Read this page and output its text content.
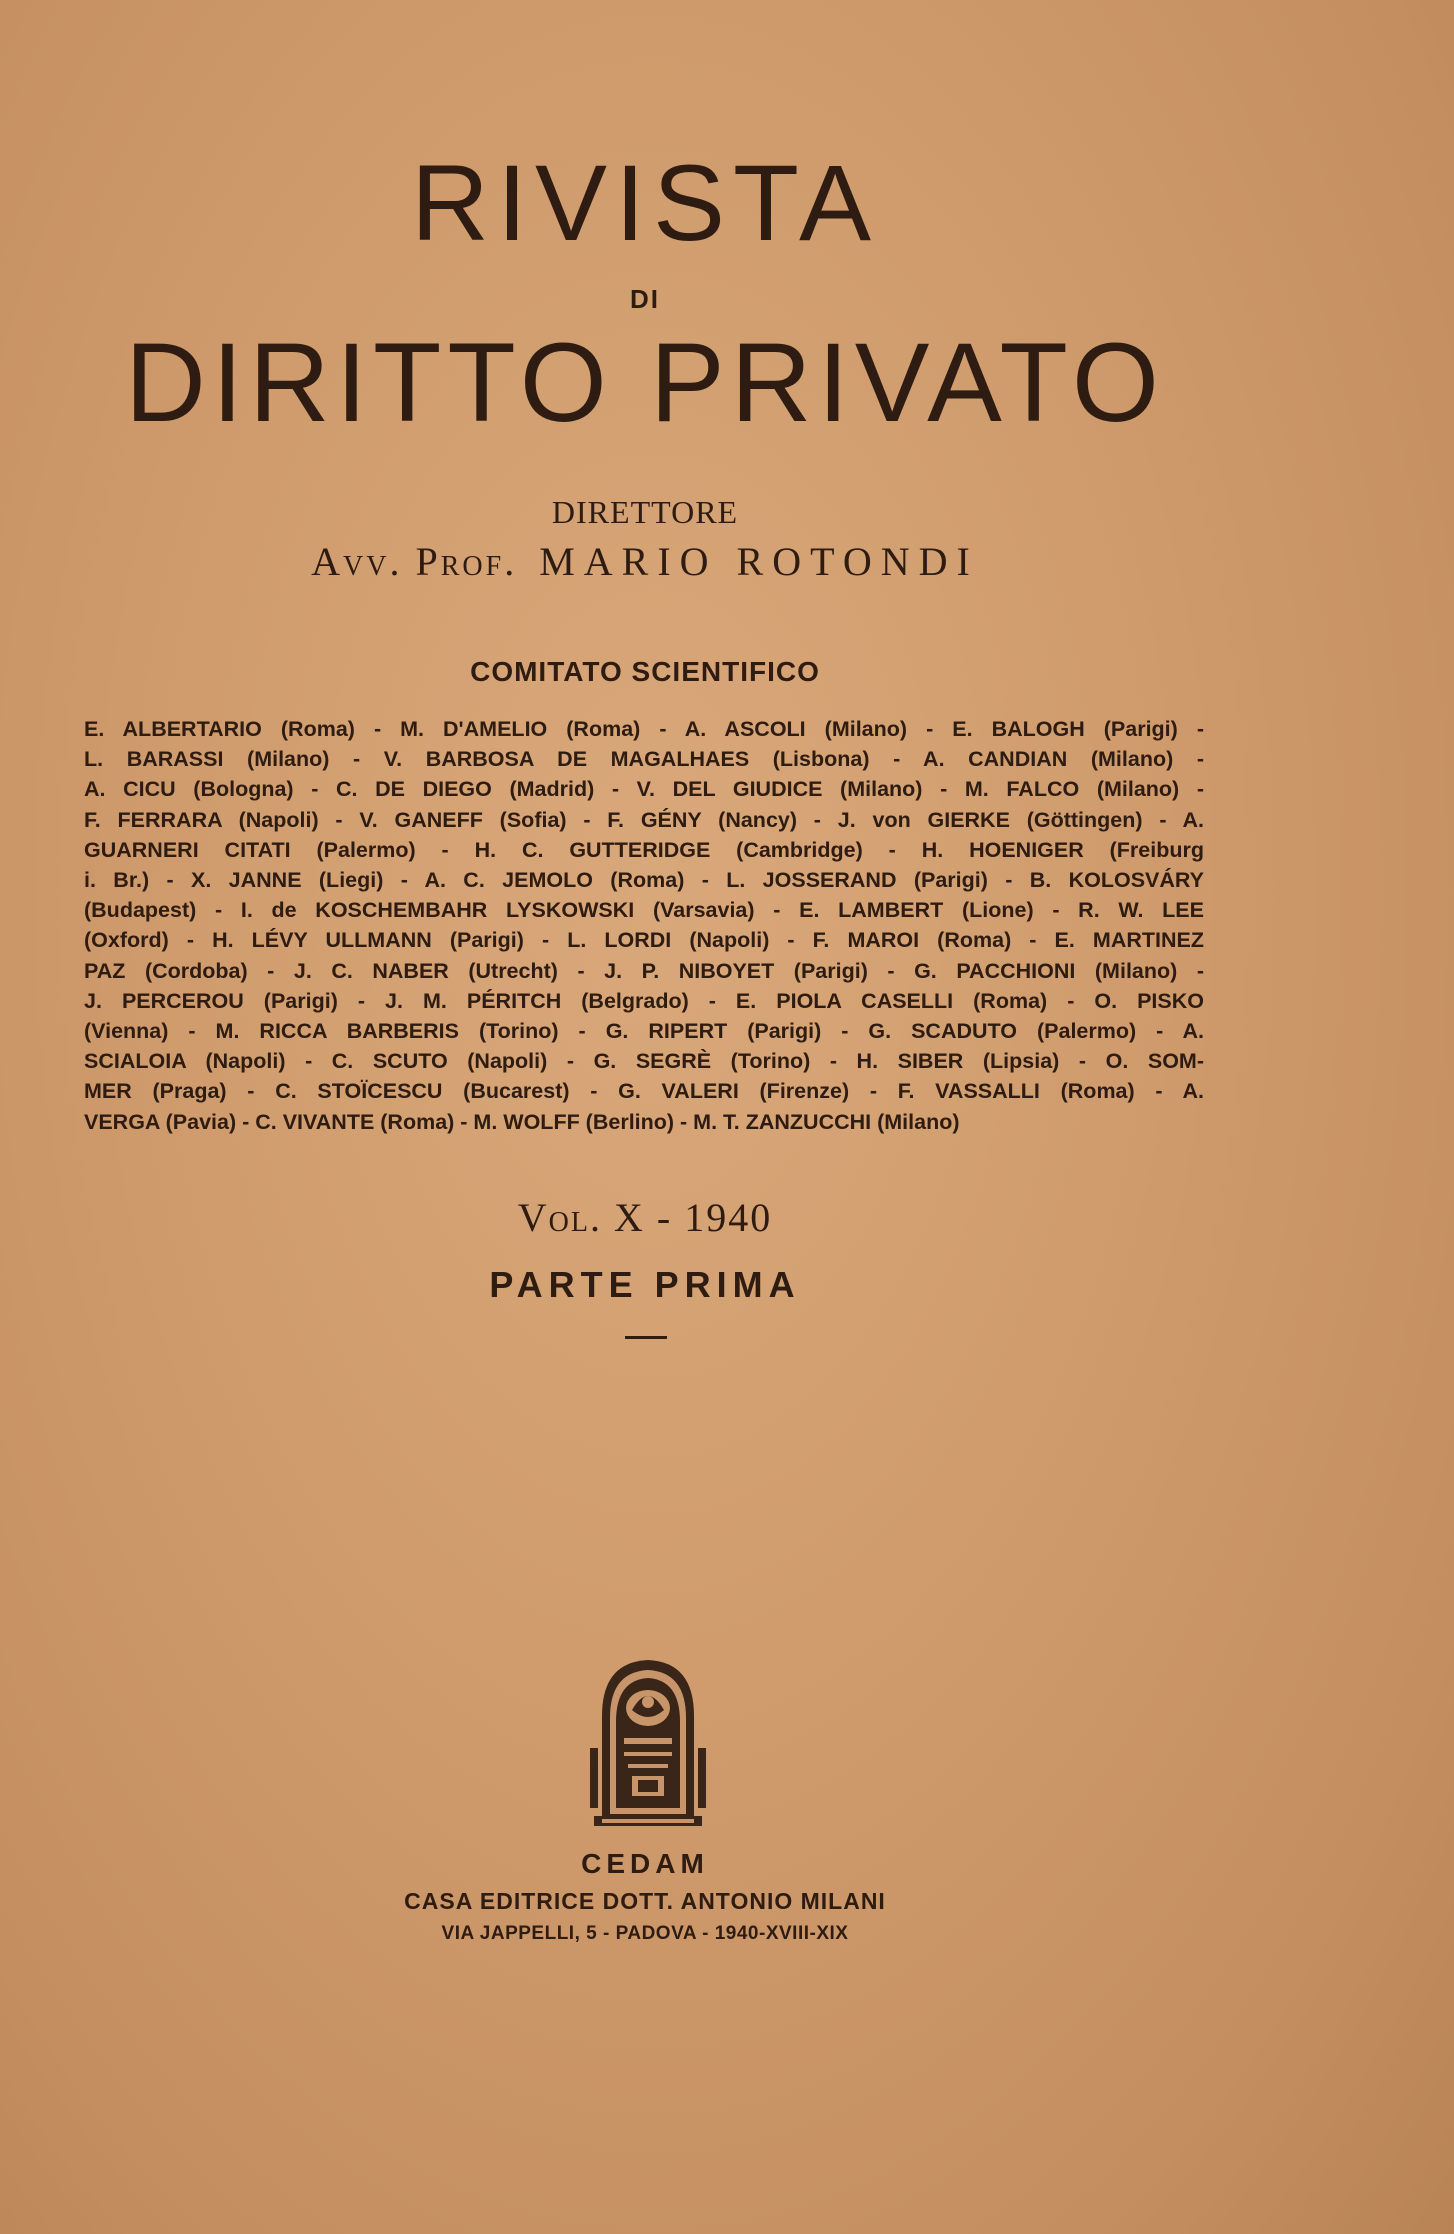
RIVISTA
DI
DIRITTO PRIVATO
DIRETTORE
Avv. Prof. MARIO ROTONDI
COMITATO SCIENTIFICO
E. ALBERTARIO (Roma) - M. D'AMELIO (Roma) - A. ASCOLI (Milano) - E. BALOGH (Parigi) -
L. BARASSI (Milano) - V. BARBOSA DE MAGALHAES (Lisbona) - A. CANDIAN (Milano) -
A. CICU (Bologna) - C. DE DIEGO (Madrid) - V. DEL GIUDICE (Milano) - M. FALCO (Milano) -
F. FERRARA (Napoli) - V. GANEFF (Sofia) - F. GÉNY (Nancy) - J. von GIERKE (Göttingen) - A.
GUARNERI CITATI (Palermo) - H. C. GUTTERIDGE (Cambridge) - H. HOENIGER (Freiburg
i. Br.) - X. JANNE (Liegi) - A. C. JEMOLO (Roma) - L. JOSSERAND (Parigi) - B. KOLOSVÁRY
(Budapest) - I. de KOSCHEMBAHR LYSKOWSKI (Varsavia) - E. LAMBERT (Lione) - R. W. LEE
(Oxford) - H. LÉVY ULLMANN (Parigi) - L. LORDI (Napoli) - F. MAROI (Roma) - E. MARTINEZ
PAZ (Cordoba) - J. C. NABER (Utrecht) - J. P. NIBOYET (Parigi) - G. PACCHIONI (Milano) -
J. PERCEROU (Parigi) - J. M. PÉRITCH (Belgrado) - E. PIOLA CASELLI (Roma) - O. PISKO
(Vienna) - M. RICCA BARBERIS (Torino) - G. RIPERT (Parigi) - G. SCADUTO (Palermo) - A.
SCIALOIA (Napoli) - C. SCUTO (Napoli) - G. SEGRÈ (Torino) - H. SIBER (Lipsia) - O. SOM-
MER (Praga) - C. STOÏCESCU (Bucarest) - G. VALERI (Firenze) - F. VASSALLI (Roma) - A.
VERGA (Pavia) - C. VIVANTE (Roma) - M. WOLFF (Berlino) - M. T. ZANZUCCHI (Milano)
Vol. X - 1940
PARTE PRIMA
CEDAM
CASA EDITRICE DOTT. ANTONIO MILANI
VIA JAPPELLI, 5 - PADOVA - 1940-XVIII-XIX
